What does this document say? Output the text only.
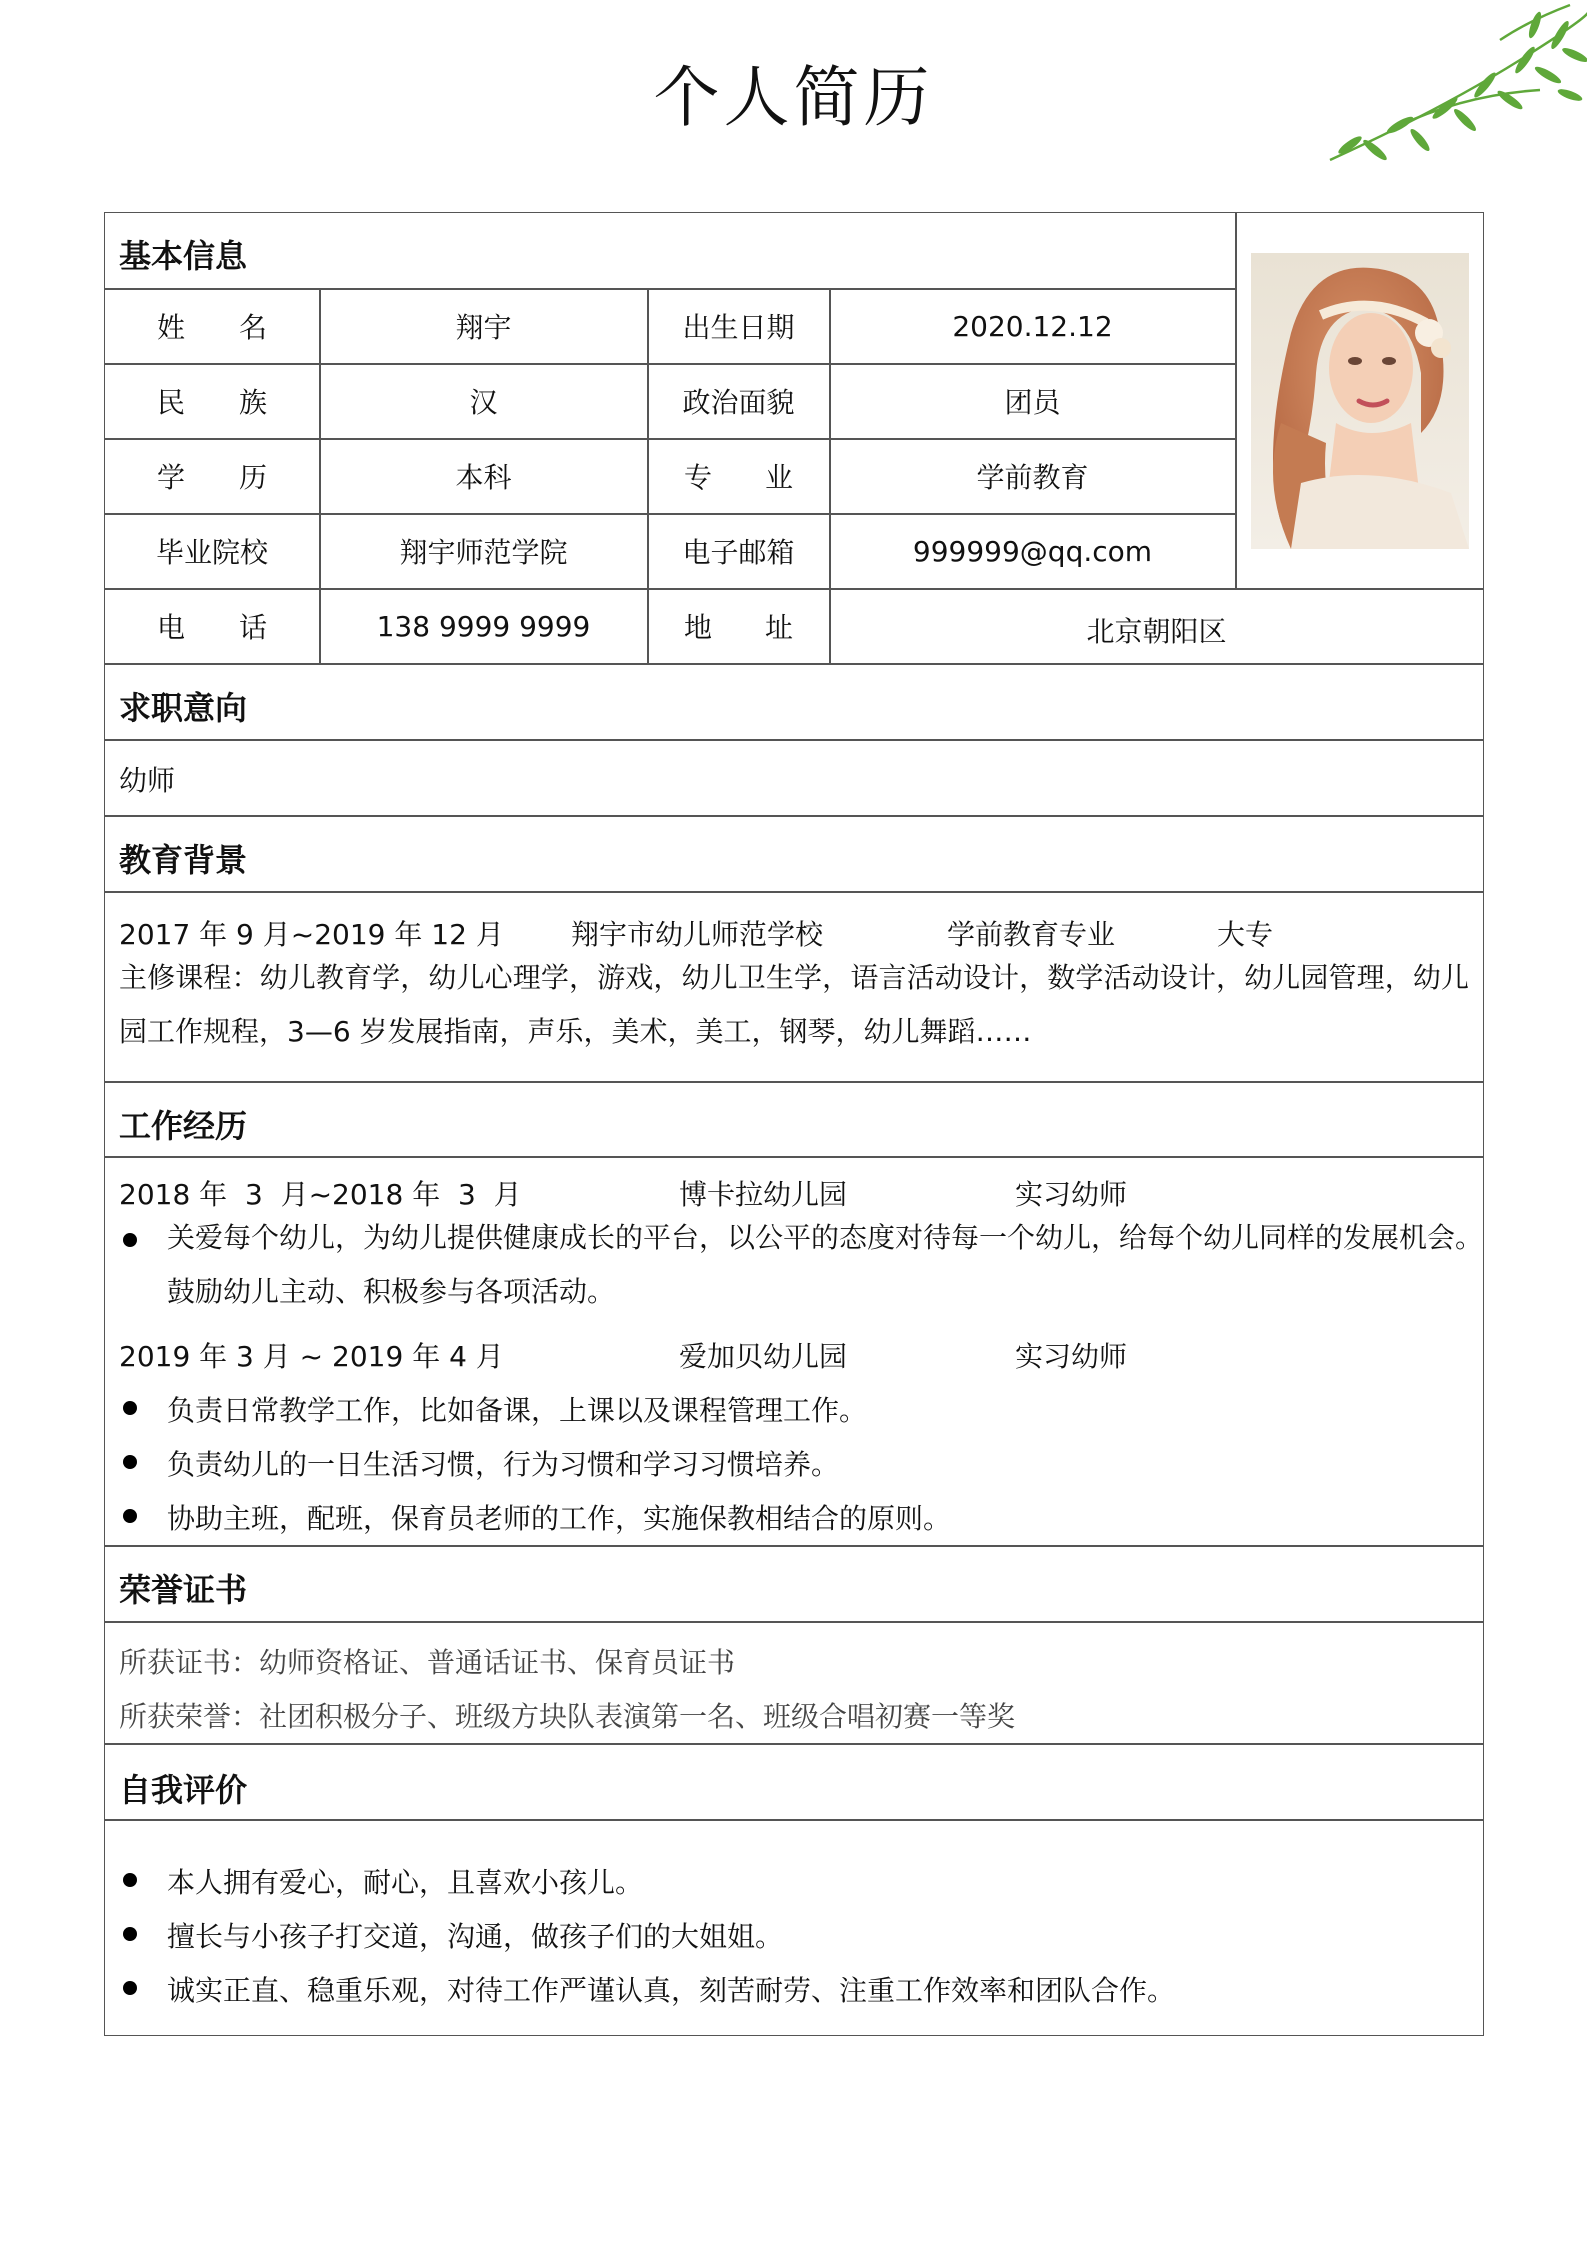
个人简历
基本信息
姓 名	翔宇	出生日期	2020.12.12
民 族	汉	政治面貌	团员
学 历	本科	专 业	学前教育
毕业院校	翔宇师范学院	电子邮箱	999999@qq.com
电 话	138 9999 9999	地 址	北京朝阳区
求职意向
幼师
教育背景
2017 年 9 月~2019 年 12 月 翔宇市幼儿师范学校	学前教育专业	大专
主修课程：幼儿教育学，幼儿心理学，游戏，幼儿卫生学，语言活动设计，数学活动设计，幼儿园管理，幼儿园工作规程，3—6 岁发展指南，声乐，美术，美工，钢琴，幼儿舞蹈……
工作经历
2018 年  3  月~2018 年  3  月	博卡拉幼儿园	实习幼师
关爱每个幼儿，为幼儿提供健康成长的平台，以公平的态度对待每一个幼儿，给每个幼儿同样的发展机会。鼓励幼儿主动、积极参与各项活动。
2019 年 3 月 ~ 2019 年 4 月	爱加贝幼儿园	实习幼师
负责日常教学工作，比如备课，上课以及课程管理工作。
负责幼儿的一日生活习惯，行为习惯和学习习惯培养。
协助主班，配班，保育员老师的工作，实施保教相结合的原则。
荣誉证书
所获证书：幼师资格证、普通话证书、保育员证书
所获荣誉：社团积极分子、班级方块队表演第一名、班级合唱初赛一等奖
自我评价
本人拥有爱心，耐心，且喜欢小孩儿。
擅长与小孩子打交道，沟通，做孩子们的大姐姐。
诚实正直、稳重乐观，对待工作严谨认真，刻苦耐劳、注重工作效率和团队合作。
